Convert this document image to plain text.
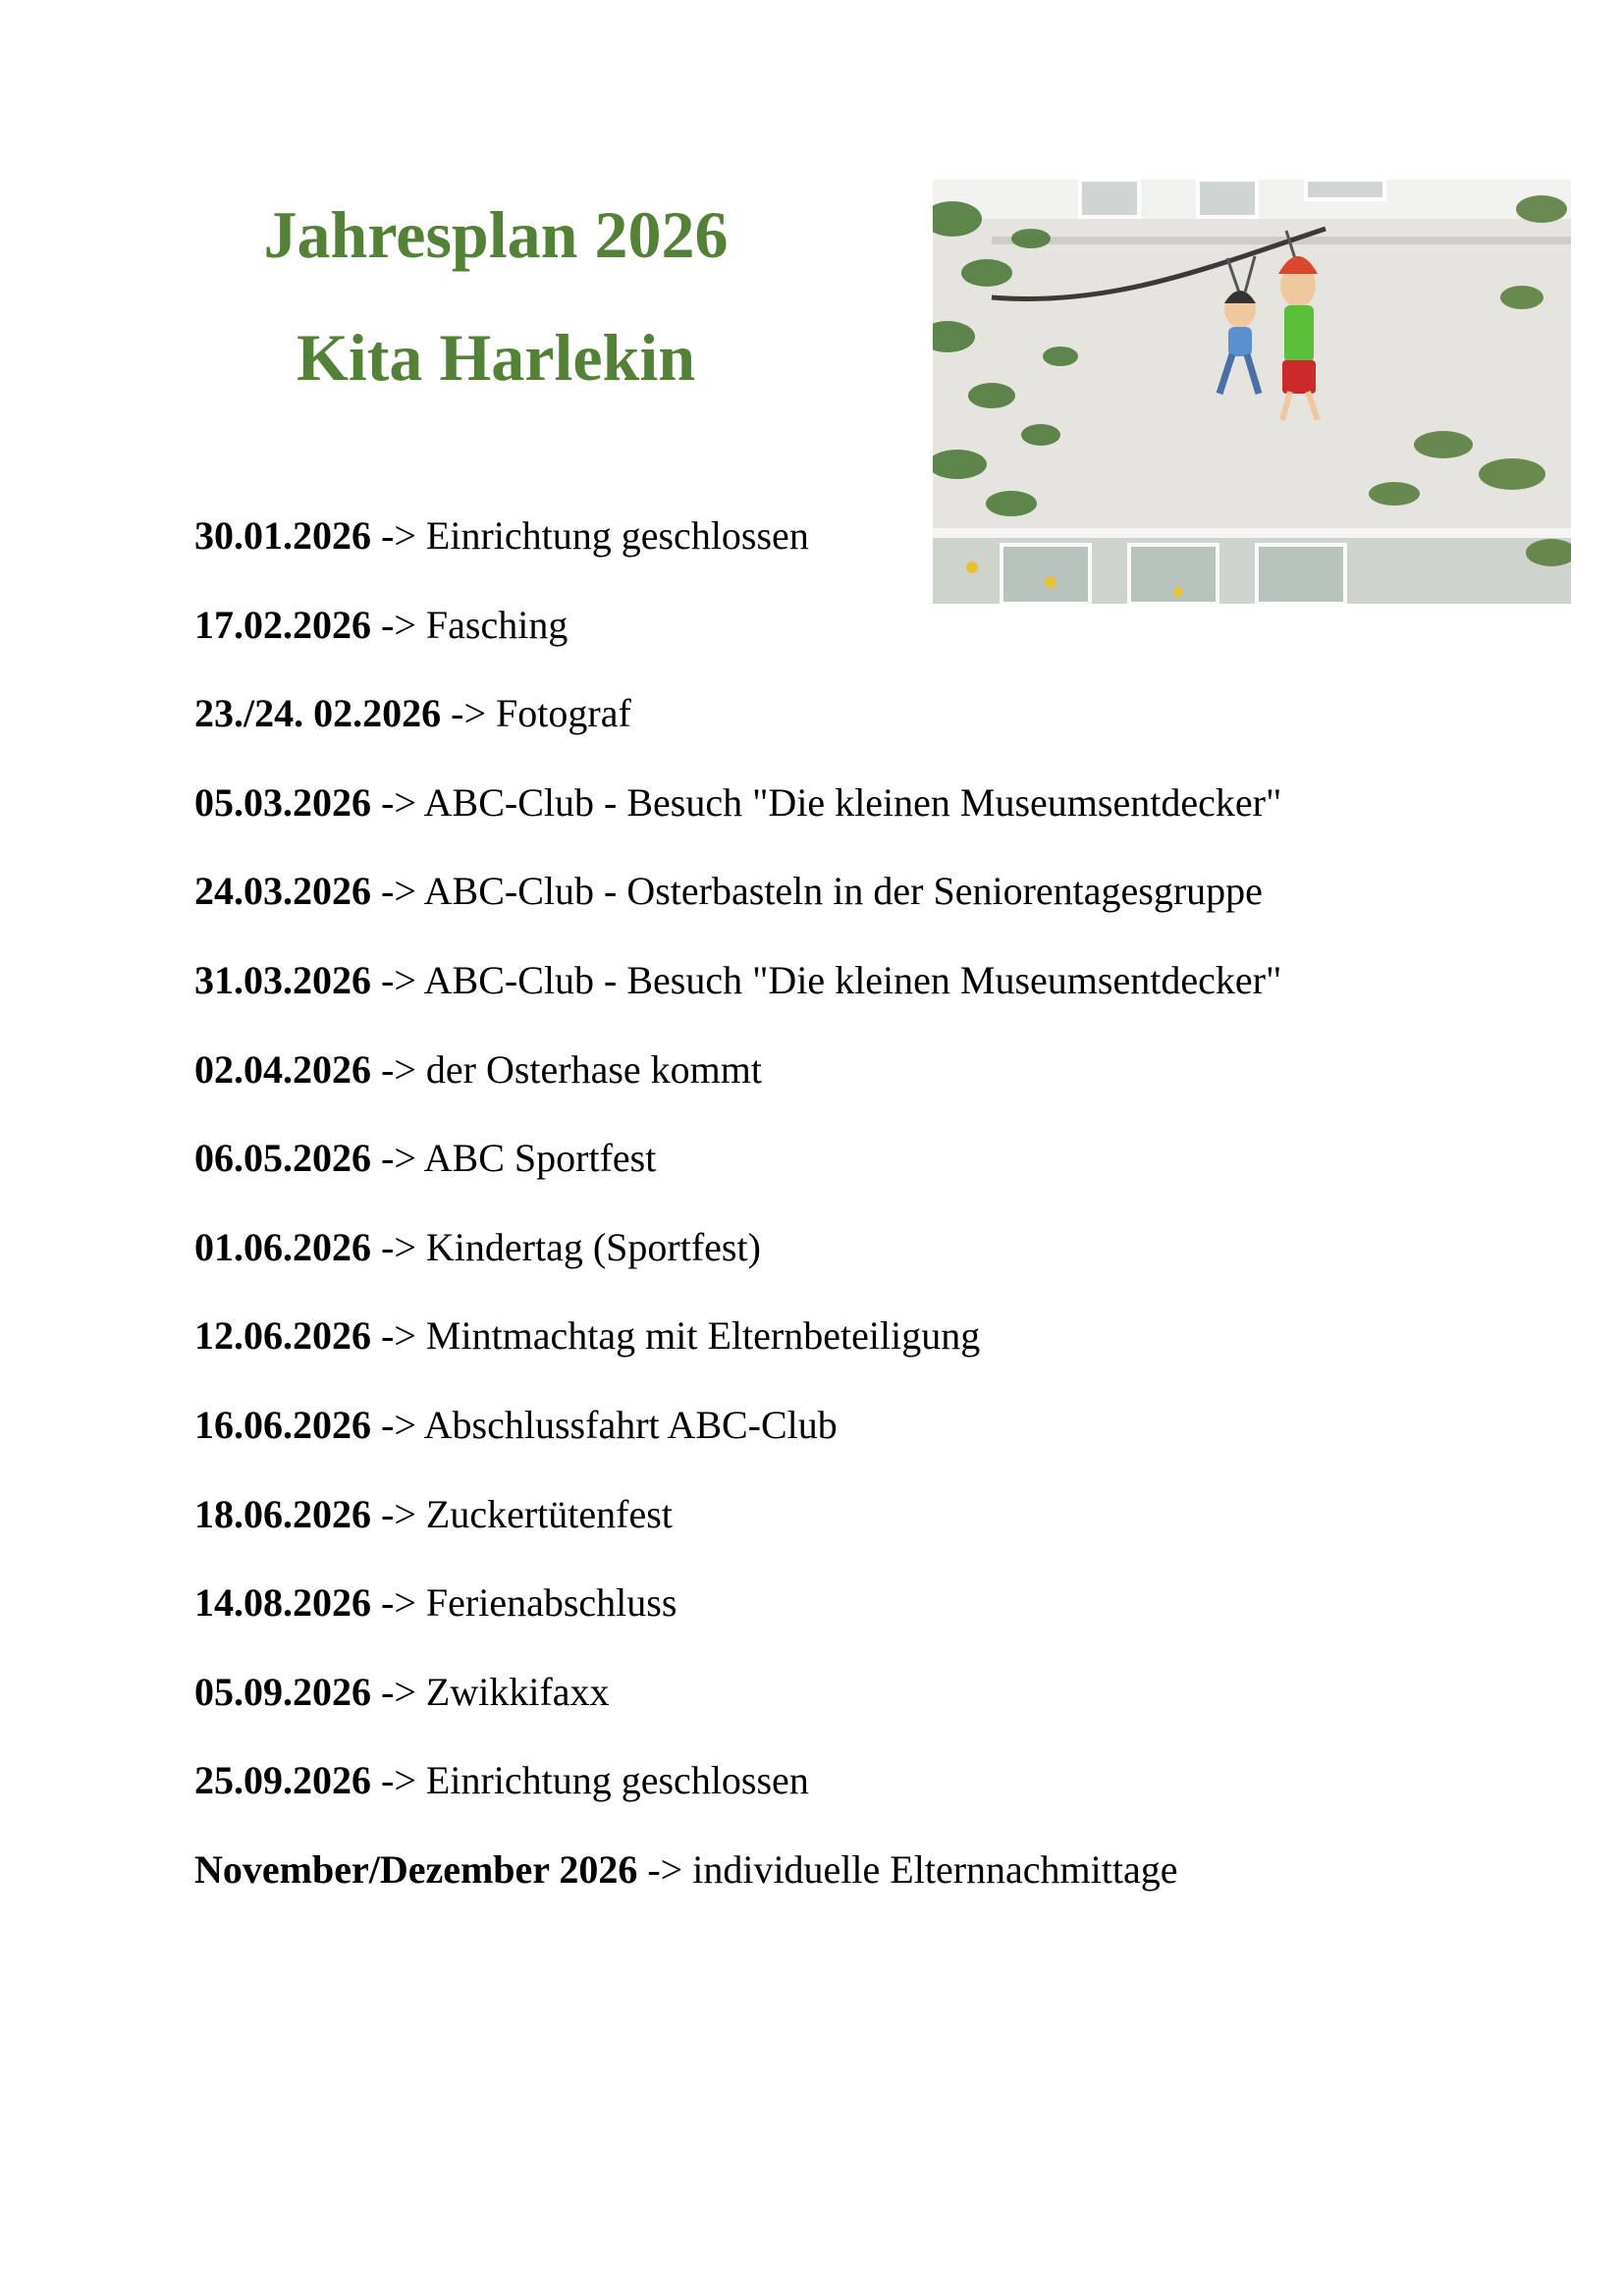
Jahresplan 2026
Kita Harlekin
30.01.2026 -> Einrichtung geschlossen
17.02.2026 -> Fasching
23./24. 02.2026 -> Fotograf
05.03.2026 -> ABC-Club - Besuch "Die kleinen Museumsentdecker"
24.03.2026 -> ABC-Club - Osterbasteln in der Seniorentagesgruppe
31.03.2026 -> ABC-Club - Besuch "Die kleinen Museumsentdecker"
02.04.2026 -> der Osterhase kommt
06.05.2026 -> ABC Sportfest
01.06.2026 -> Kindertag (Sportfest)
12.06.2026 -> Mintmachtag mit Elternbeteiligung
16.06.2026 -> Abschlussfahrt ABC-Club
18.06.2026 -> Zuckertütenfest
14.08.2026 -> Ferienabschluss
05.09.2026 -> Zwikkifaxx
25.09.2026 -> Einrichtung geschlossen
November/Dezember 2026 -> individuelle Elternnachmittage
